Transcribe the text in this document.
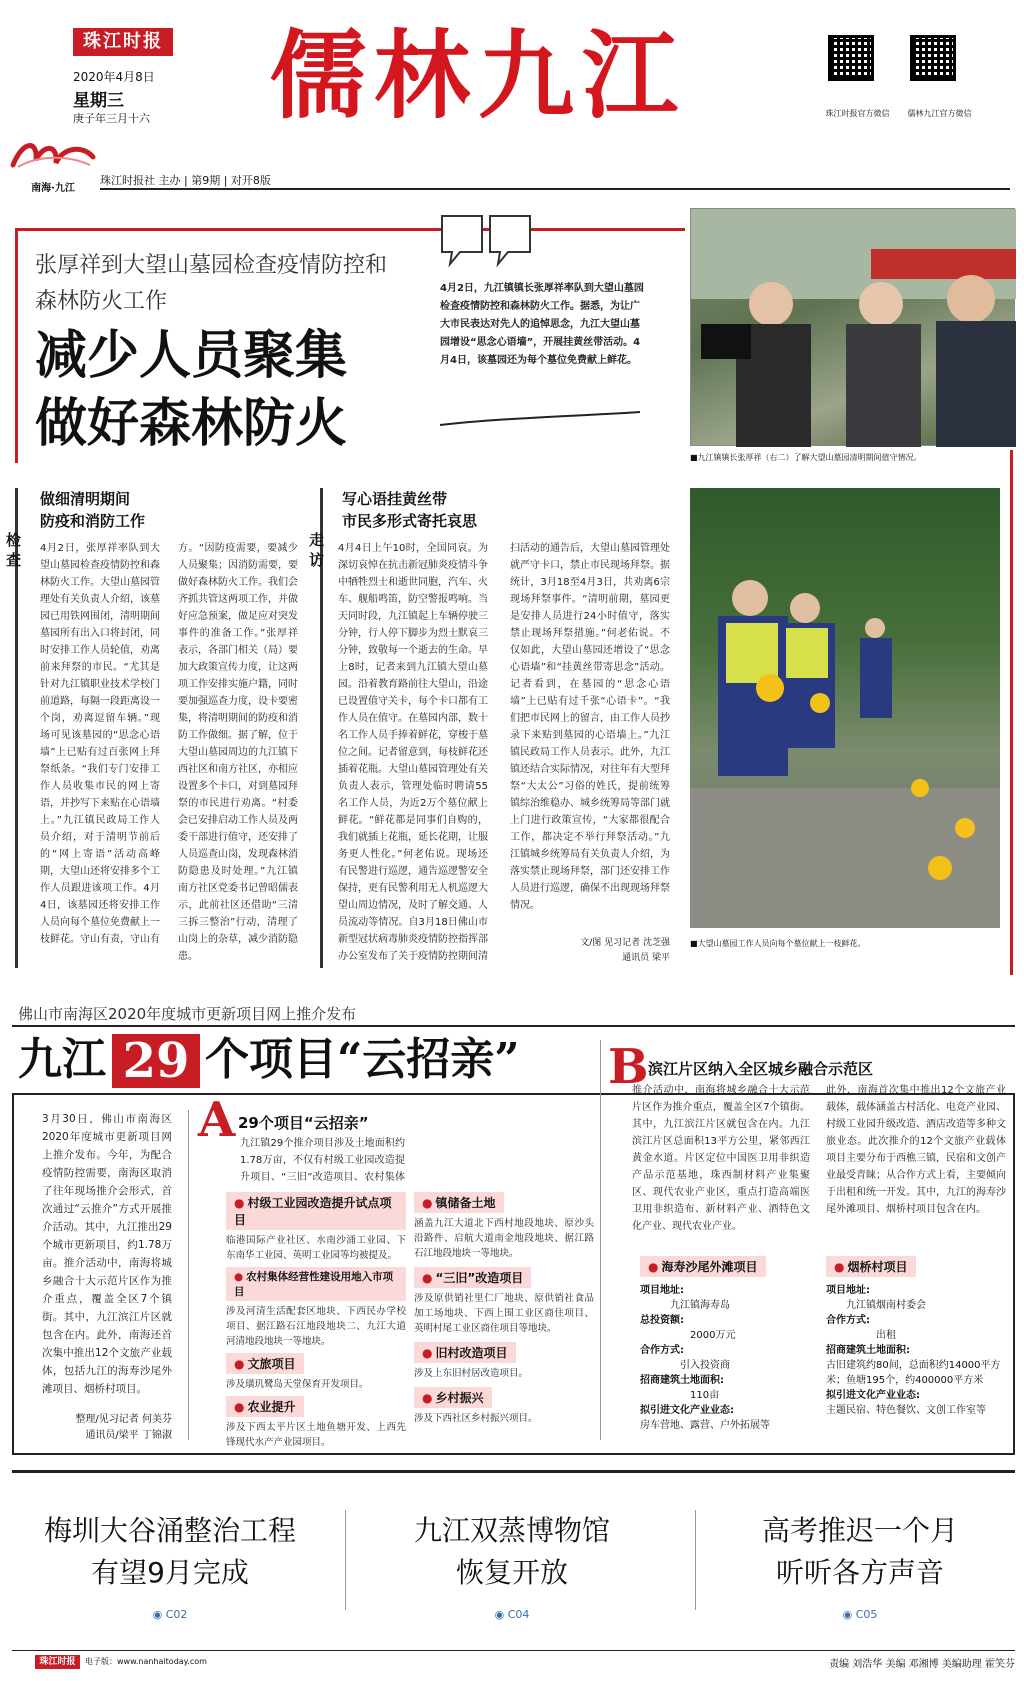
珠江时报
2020年4月8日
星期三
庚子年三月十六 儒林九江	珠江时报官方微信	儒林九江官方微信
南海·九江
珠江时报社 主办 | 第9期 | 对开8版
张厚祥到大望山墓园检查疫情防控和森林防火工作
减少人员聚集
做好森林防火
4月2日，九江镇镇长张厚祥率队到大望山墓园检查疫情防控和森林防火工作。据悉，为让广大市民表达对先人的追悼思念，九江大望山墓园增设“思念心语墙”，开展挂黄丝带活动。4月4日，该墓园还为每个墓位免费献上鲜花。
■九江镇镇长张厚祥（右二）了解大望山墓园清明期间值守情况。
检查
做细清明期间
防疫和消防工作
4月2日，张厚祥率队到大望山墓园检查疫情防控和森林防火工作。大望山墓园管理处有关负责人介绍，该墓园已用铁网围闭，清明期间墓园所有出入口将封闭，同时安排工作人员轮值，劝离前来拜祭的市民。“尤其是针对九江镇职业技术学校门前道路，每隔一段距离设一个岗，劝离逗留车辆。”现场可见该墓园的“思念心语墙”上已贴有过百张网上拜祭纸条。“我们专门安排工作人员收集市民的网上寄语，并抄写下来贴在心语墙上。”九江镇民政局工作人员介绍，对于清明节前后的“网上寄语”活动高峰期，大望山还将安排多个工作人员跟进该项工作。4月4日，该墓园还将安排工作人员向每个墓位免费献上一枝鲜花。守山有责，守山有
方。“因防疫需要，要减少人员聚集；因消防需要，要做好森林防火工作。我们会齐抓共管这两项工作，并做好应急预案，做足应对突发事件的准备工作。”张厚祥表示，各部门相关（局）要加大政策宣传力度，让这两项工作安排实施户籍，同时要加强巡查力度，设卡要密集，将清明期间的防疫和消防工作做细。据了解，位于大望山墓园周边的九江镇下西社区和南方社区，亦相应设置多个卡口，对到墓园拜祭的市民进行劝离。“村委会已安排启动工作人员及两委干部进行值守，还安排了人员巡查山岗，发现森林消防隐患及时处理。”九江镇南方社区党委书记曾昭儒表示，此前社区还借助“三清三拆三整治”行动，清理了山岗上的杂草，减少消防隐患。
走访
写心语挂黄丝带
市民多形式寄托哀思
4月4日上午10时，全国同哀。为深切哀悼在抗击新冠肺炎疫情斗争中牺牲烈士和逝世同胞，汽车、火车、舰船鸣笛，防空警报鸣响。当天同时段，九江镇起上车辆停驶三分钟，行人停下脚步为烈士默哀三分钟，致敬每一个逝去的生命。早上8时，记者来到九江镇大望山墓园。沿着教育路前往大望山，沿途已设置值守关卡，每个卡口都有工作人员在值守。在墓园内部，数十名工作人员手捧着鲜花，穿梭于墓位之间。记者留意到，每枝鲜花还插着花瓶。大望山墓园管理处有关负责人表示，管理处临时聘请55名工作人员，为近2万个墓位献上鲜花。“鲜花都是同事们自购的，我们就插上花瓶，延长花期，让服务更人性化。”何老佑说。现场还有民警进行巡逻，通告巡逻警安全保持，更有民警利用无人机巡逻大望山周边情况，及时了解交通、人员流动等情况。自3月18日佛山市新型冠状病毒肺炎疫情防控指挥部办公室发布了关于疫情防控期间清
扫活动的通告后，大望山墓园管理处就严守卡口，禁止市民现场拜祭。据统计，3月18至4月3日，共劝离6宗现场拜祭事件。“清明前期，墓园更是安排人员进行24小时值守，落实禁止现场拜祭措施。”何老佑说。不仅如此，大望山墓园还增设了“思念心语墙”和“挂黄丝带寄思念”活动。记者看到，在墓园的“思念心语墙”上已贴有过千张“心语卡”。“我们把市民网上的留言，由工作人员抄录下来贴到墓园的心语墙上。”九江镇民政局工作人员表示。此外，九江镇还结合实际情况，对往年有大型拜祭“大太公”习俗的姓氏，提前统筹镇综治维稳办、城乡统筹局等部门就上门进行政策宣传，“大家都很配合工作，都决定不举行拜祭活动。”九江镇城乡统筹局有关负责人介绍，为落实禁止现场拜祭，部门还安排工作人员进行巡逻，确保不出现现场拜祭情况。
文/图 见习记者 沈芝强
通讯员 梁平
■大望山墓园工作人员向每个墓位献上一枝鲜花。
佛山市南海区2020年度城市更新项目网上推介发布
九江 29 个项目“云招亲”
3月30日，佛山市南海区2020年度城市更新项目网上推介发布。今年，为配合疫情防控需要，南海区取消了往年现场推介会形式，首次通过“云推介”方式开展推介活动。其中，九江推出29个城市更新项目，约1.78万亩。推介活动中，南海将城乡融合十大示范片区作为推介重点，覆盖全区7个镇街。其中，九江滨江片区就包含在内。此外，南海还首次集中推出12个文旅产业载体，包括九江的海寿沙尾外滩项目、烟桥村项目。
整理/见习记者 何美芬
通讯员/梁平 丁锦淑
A 29个项目“云招亲”
九江镇29个推介项目涉及土地面积约1.78万亩，不仅有村级工业园改造提升项目、“三旧”改造项目、农村集体
● 村级工业园改造提升试点项目
临港国际产业社区、水南沙涌工业园、下东南华工业园、英明工业园等均被提及。
● 农村集体经营性建设用地入市项目
涉及河清生活配套区地块、下西民办学校项目、据江路石江地段地块二、九江大道河清地段地块一等地块。
● 文旅项目
涉及璜玑鹭岛天堂保育开发项目。
● 农业提升
涉及下西太平片区土地鱼塘开发、上西先锋现代水产产业园项目。
● 镇储备土地
涵盖九江大道北下西村地段地块、原沙头沿路件、启航大道南金地段地块、据江路石江地段地块一等地块。
● “三旧”改造项目
涉及原供销社里仁厂地块、原供销社食品加工场地块、下西上围工业区商住项目、英明村尾工业区商住项目等地块。
● 旧村改造项目
涉及上东旧村居改造项目。
● 乡村振兴
涉及下西社区乡村振兴项目。
B 滨江片区纳入全区城乡融合示范区
推介活动中，南海将城乡融合十大示范片区作为推介重点，覆盖全区7个镇街。其中，九江滨江片区就包含在内。九江滨江片区总面积13平方公里，紧邻西江黄金水道。片区定位中国医卫用非织造产品示范基地，珠西制材料产业集聚区、现代农业产业区，重点打造高端医卫用非织造布、新材料产业、酒特色文化产业、现代农业产业。
此外，南海首次集中推出12个文旅产业载体，载体涵盖古村活化、电竞产业园、村级工业园升级改造、酒店改造等多种文旅业态。此次推介的12个文旅产业载体项目主要分布于西樵三镇，民宿和文创产业最受青睐；从合作方式上看，主要倾向于出租和统一开发。其中，九江的海寿沙尾外滩项目、烟桥村项目包含在内。
● 海寿沙尾外滩项目
项目地址:
九江镇海寿岛
总投资额:
2000万元
合作方式:
引入投资商
招商建筑土地面积:
110亩
拟引进文化产业业态:
房车营地、露营、户外拓展等
● 烟桥村项目
项目地址:
九江镇烟南村委会
合作方式:
出租
招商建筑土地面积:
古旧建筑约80间，总面积约14000平方米；鱼塘195个，约400000平方米
拟引进文化产业业态:
主题民宿、特色餐饮、文创工作室等
梅圳大谷涌整治工程
有望9月完成
◉ C02
九江双蒸博物馆
恢复开放
◉ C04
高考推迟一个月
听听各方声音
◉ C05
珠江时报	电子版：www.nanhaitoday.com	责编 刘浩华 美编 邓湘博 美编助理 霍笑芬
